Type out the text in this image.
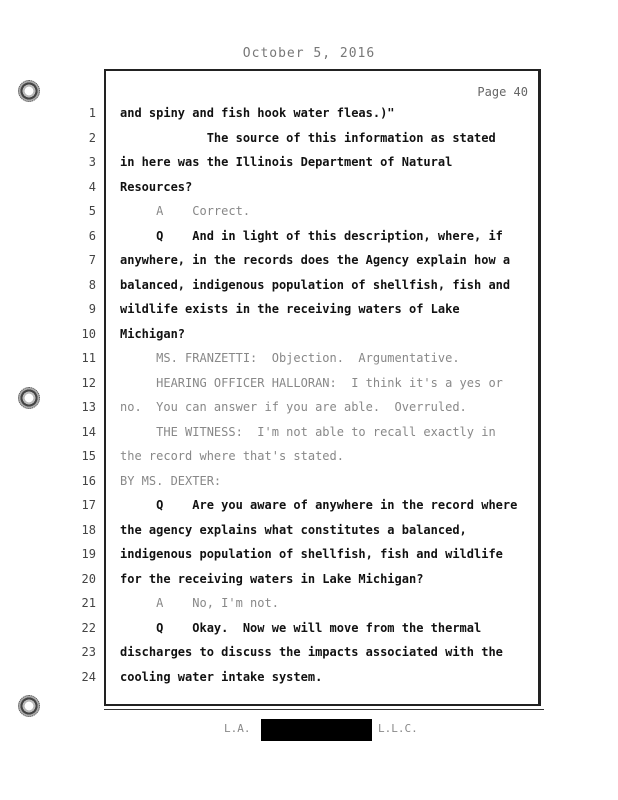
October 5, 2016
Page 40
1 and spiny and fish hook water fleas.)"
2 The source of this information as stated
3 in here was the Illinois Department of Natural
4 Resources?
5 A    Correct.
6 Q    And in light of this description, where, if
7 anywhere, in the records does the Agency explain how a
8 balanced, indigenous population of shellfish, fish and
9 wildlife exists in the receiving waters of Lake
10 Michigan?
11 MS. FRANZETTI:  Objection.  Argumentative.
12 HEARING OFFICER HALLORAN:  I think it's a yes or
13 no.  You can answer if you are able.  Overruled.
14 THE WITNESS:  I'm not able to recall exactly in
15 the record where that's stated.
16 BY MS. DEXTER:
17 Q    Are you aware of anywhere in the record where
18 the agency explains what constitutes a balanced,
19 indigenous population of shellfish, fish and wildlife
20 for the receiving waters in Lake Michigan?
21 A    No, I'm not.
22 Q    Okay.  Now we will move from the thermal
23 discharges to discuss the impacts associated with the
24 cooling water intake system.
L.A.	L.L.C.
